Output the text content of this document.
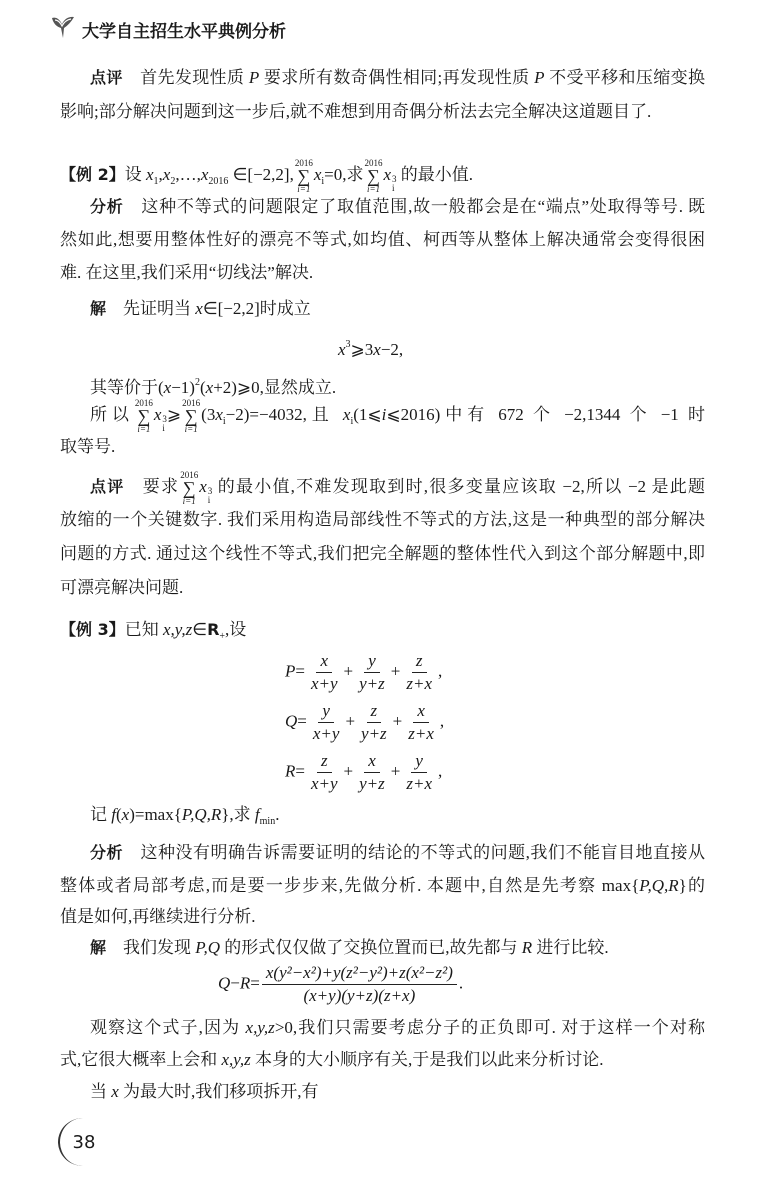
大学自主招生水平典例分析
点评　首先发现性质 P 要求所有数奇偶性相同;再发现性质 P 不受平移和压缩变换
影响;部分解决问题到这一步后,就不难想到用奇偶分析法去完全解决这道题目了.
【例 2】设 $x_1,x_2,\dots,x_{2016}$ ∈[−2,2],
2016
∑
i=1
$x_i=0$,求
2016
∑
i=1
x 3
i
的最小值.
分析　这种不等式的问题限定了取值范围,故一般都会是在“端点”处取得等号. 既
然如此,想要用整体性好的漂亮不等式,如均值、柯西等从整体上解决通常会变得很困
难. 在这里,我们采用“切线法”解决.
解　先证明当 x∈[−2,2]时成立
$x^3⩾3x-2$,
其等价于$(x-1)^2(x+2)⩾0$,显然成立.
所以
2016
∑
i=1
x 3
i
⩾
2016
∑
i=1
$(3x_i-2)=-4032$,且 $x_i(1⩽i⩽2016)$中有 672 个 −2,1344 个 −1 时
取等号.
点评　要求
2016
∑
i=1
x 3
i
的最小值,不难发现取到时,很多变量应该取 −2,所以 −2 是此题
放缩的一个关键数字. 我们采用构造局部线性不等式的方法,这是一种典型的部分解决
问题的方式. 通过这个线性不等式,我们把完全解题的整体性代入到这个部分解题中,即
可漂亮解决问题.
【例 3】已知 $x,y,z\in R_+$,设
$P= \frac{x}{x+y} + \frac{y}{y+z} + \frac{z}{z+x}$ ,
$Q= \frac{y}{x+y} + \frac{z}{y+z} + \frac{x}{z+x}$ ,
$R= \frac{z}{x+y} + \frac{x}{y+z} + \frac{y}{z+x}$ ,
记 f(x)=max{P,Q,R},求 $f_{min}$.
分析　这种没有明确告诉需要证明的结论的不等式的问题,我们不能盲目地直接从
整体或者局部考虑,而是要一步步来,先做分析. 本题中,自然是先考察 max{P,Q,R}的
值是如何,再继续进行分析.
解　我们发现 P,Q 的形式仅仅做了交换位置而已,故先都与 R 进行比较.
$Q-R= \frac{\text{x(y²−x²)+y(z²−y²)+z(x²−z²)}}{(x+y)(y+z)(z+x)}$ .
观察这个式子,因为 x,y,z>0,我们只需要考虑分子的正负即可. 对于这样一个对称
式,它很大概率上会和 x,y,z 本身的大小顺序有关,于是我们以此来分析讨论.
当 x 为最大时,我们移项拆开,有
38
